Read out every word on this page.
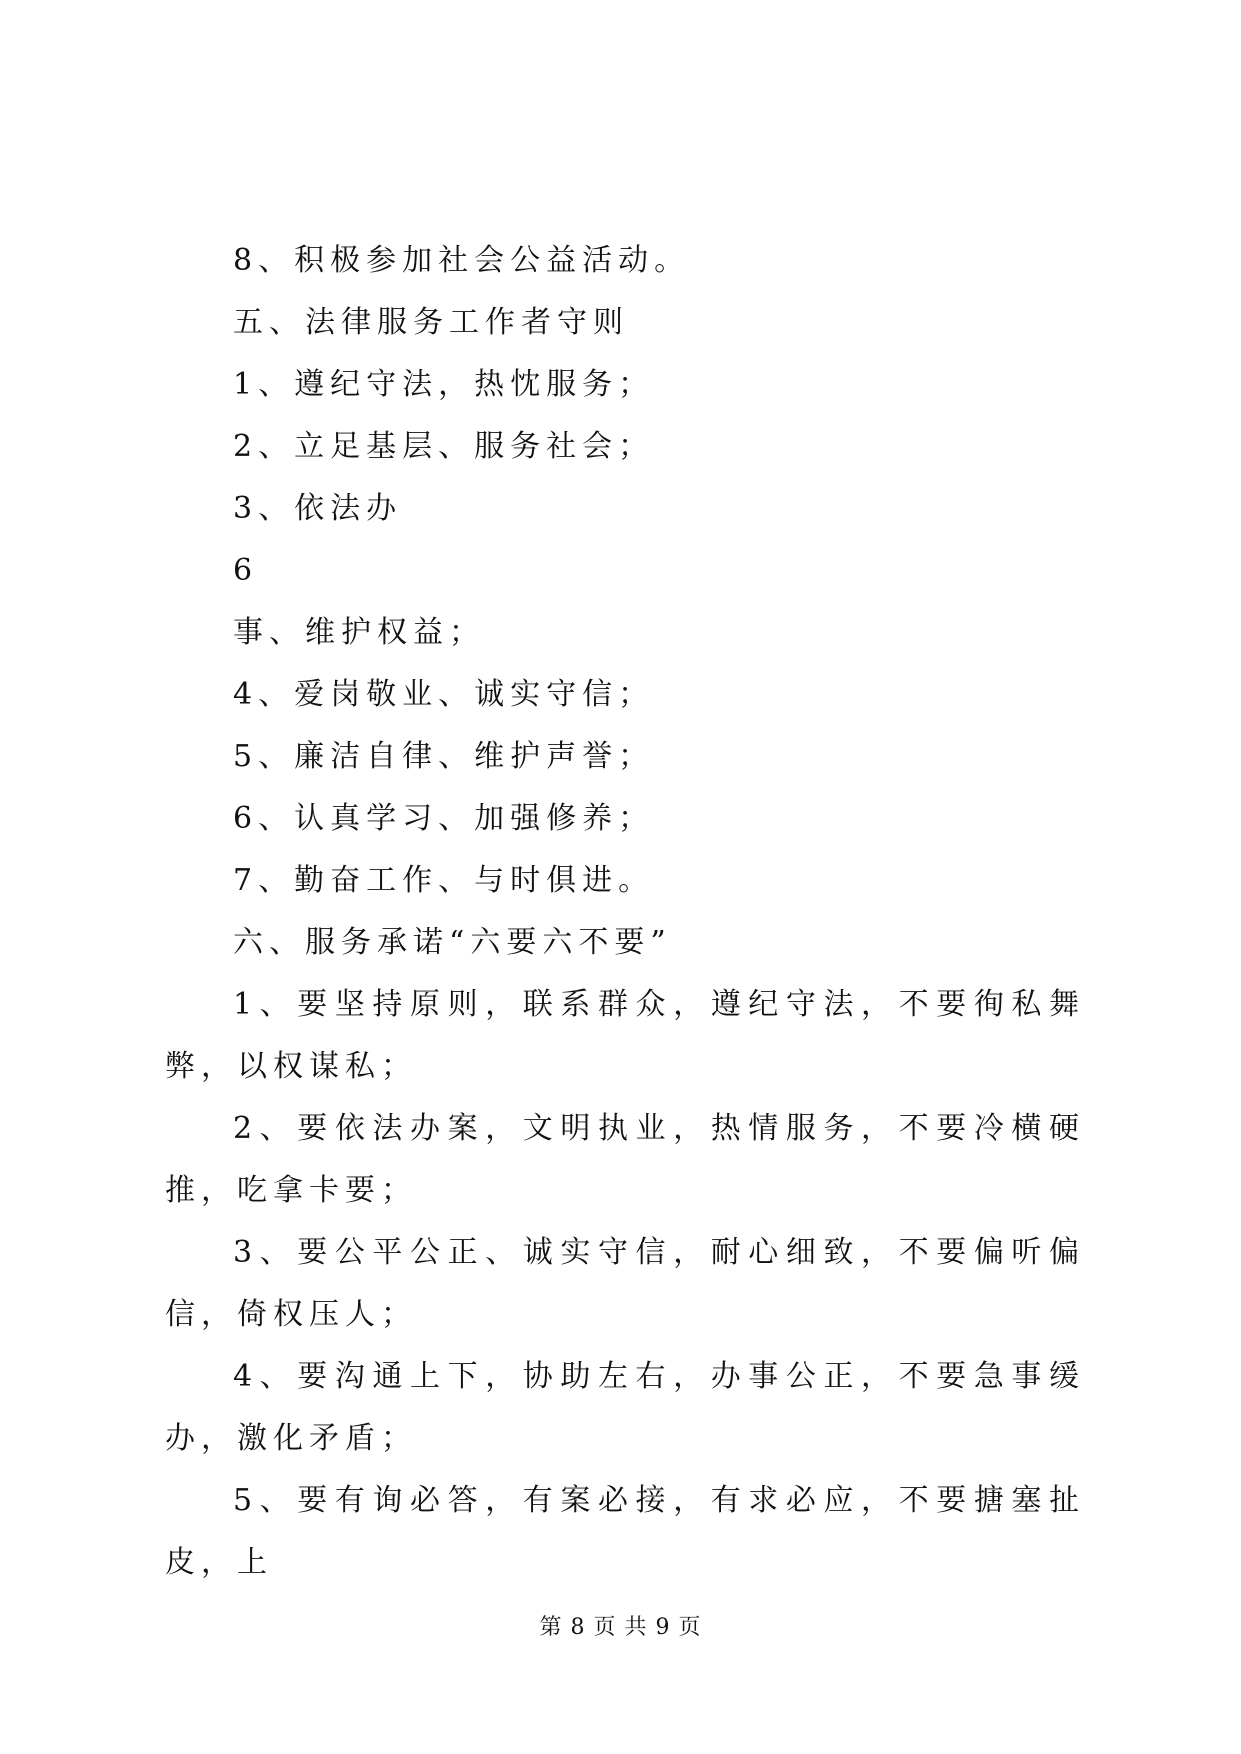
8、积极参加社会公益活动。
五、法律服务工作者守则
1、遵纪守法，热忱服务；
2、立足基层、服务社会；
3、依法办
6
事、维护权益；
4、爱岗敬业、诚实守信；
5、廉洁自律、维护声誉；
6、认真学习、加强修养；
7、勤奋工作、与时俱进。
六、服务承诺“六要六不要”
1、要坚持原则，联系群众，遵纪守法，不要徇私舞弊，以权谋私；
2、要依法办案，文明执业，热情服务，不要冷横硬推，吃拿卡要；
3、要公平公正、诚实守信，耐心细致，不要偏听偏信，倚权压人；
4、要沟通上下，协助左右，办事公正，不要急事缓办，激化矛盾；
5、要有询必答，有案必接，有求必应，不要搪塞扯皮，上
第 8 页 共 9 页
